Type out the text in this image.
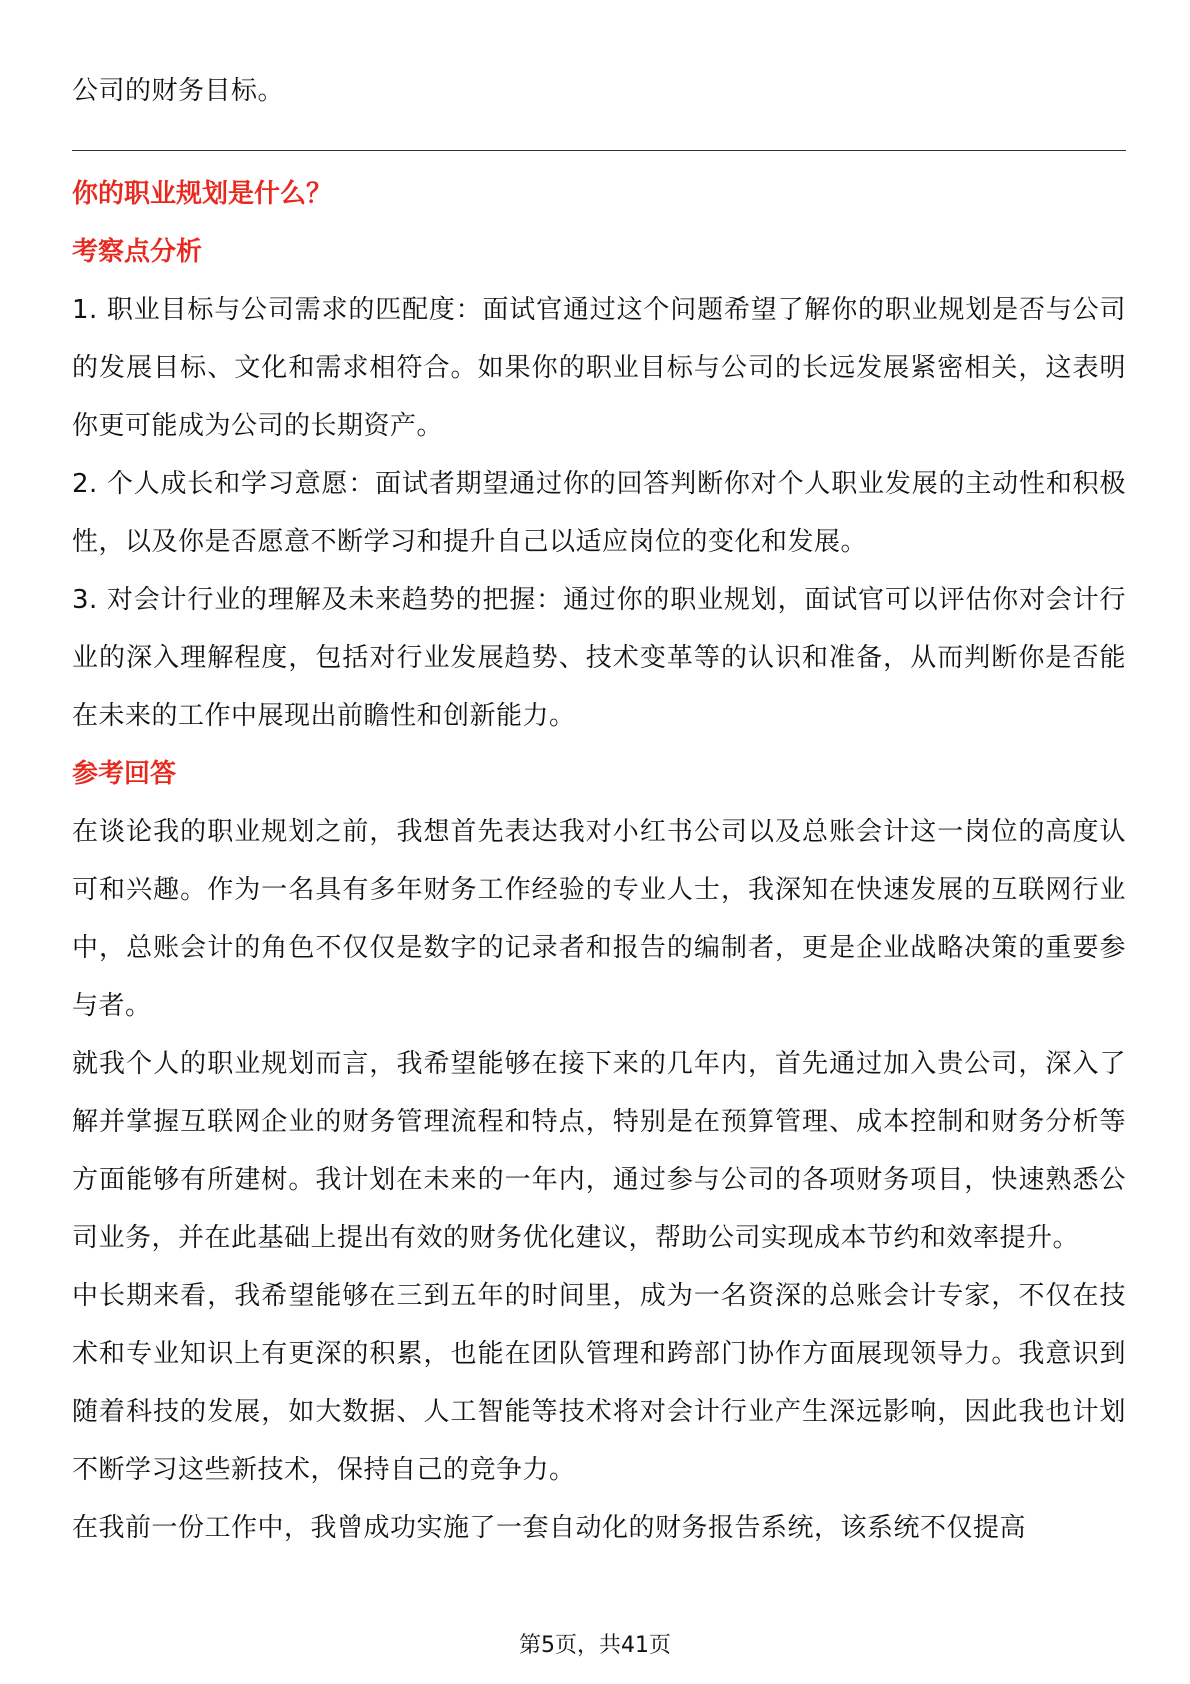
公司的财务目标。

你的职业规划是什么？

考察点分析

1. 职业目标与公司需求的匹配度：面试官通过这个问题希望了解你的职业规划是否与公司的发展目标、文化和需求相符合。如果你的职业目标与公司的长远发展紧密相关，这表明你更可能成为公司的长期资产。

2. 个人成长和学习意愿：面试者期望通过你的回答判断你对个人职业发展的主动性和积极性，以及你是否愿意不断学习和提升自己以适应岗位的变化和发展。

3. 对会计行业的理解及未来趋势的把握：通过你的职业规划，面试官可以评估你对会计行业的深入理解程度，包括对行业发展趋势、技术变革等的认识和准备，从而判断你是否能在未来的工作中展现出前瞻性和创新能力。

参考回答

在谈论我的职业规划之前，我想首先表达我对小红书公司以及总账会计这一岗位的高度认可和兴趣。作为一名具有多年财务工作经验的专业人士，我深知在快速发展的互联网行业中，总账会计的角色不仅仅是数字的记录者和报告的编制者，更是企业战略决策的重要参与者。

就我个人的职业规划而言，我希望能够在接下来的几年内，首先通过加入贵公司，深入了解并掌握互联网企业的财务管理流程和特点，特别是在预算管理、成本控制和财务分析等方面能够有所建树。我计划在未来的一年内，通过参与公司的各项财务项目，快速熟悉公司业务，并在此基础上提出有效的财务优化建议，帮助公司实现成本节约和效率提升。

中长期来看，我希望能够在三到五年的时间里，成为一名资深的总账会计专家，不仅在技术和专业知识上有更深的积累，也能在团队管理和跨部门协作方面展现领导力。我意识到随着科技的发展，如大数据、人工智能等技术将对会计行业产生深远影响，因此我也计划不断学习这些新技术，保持自己的竞争力。

在我前一份工作中，我曾成功实施了一套自动化的财务报告系统，该系统不仅提高

第5页，共41页
